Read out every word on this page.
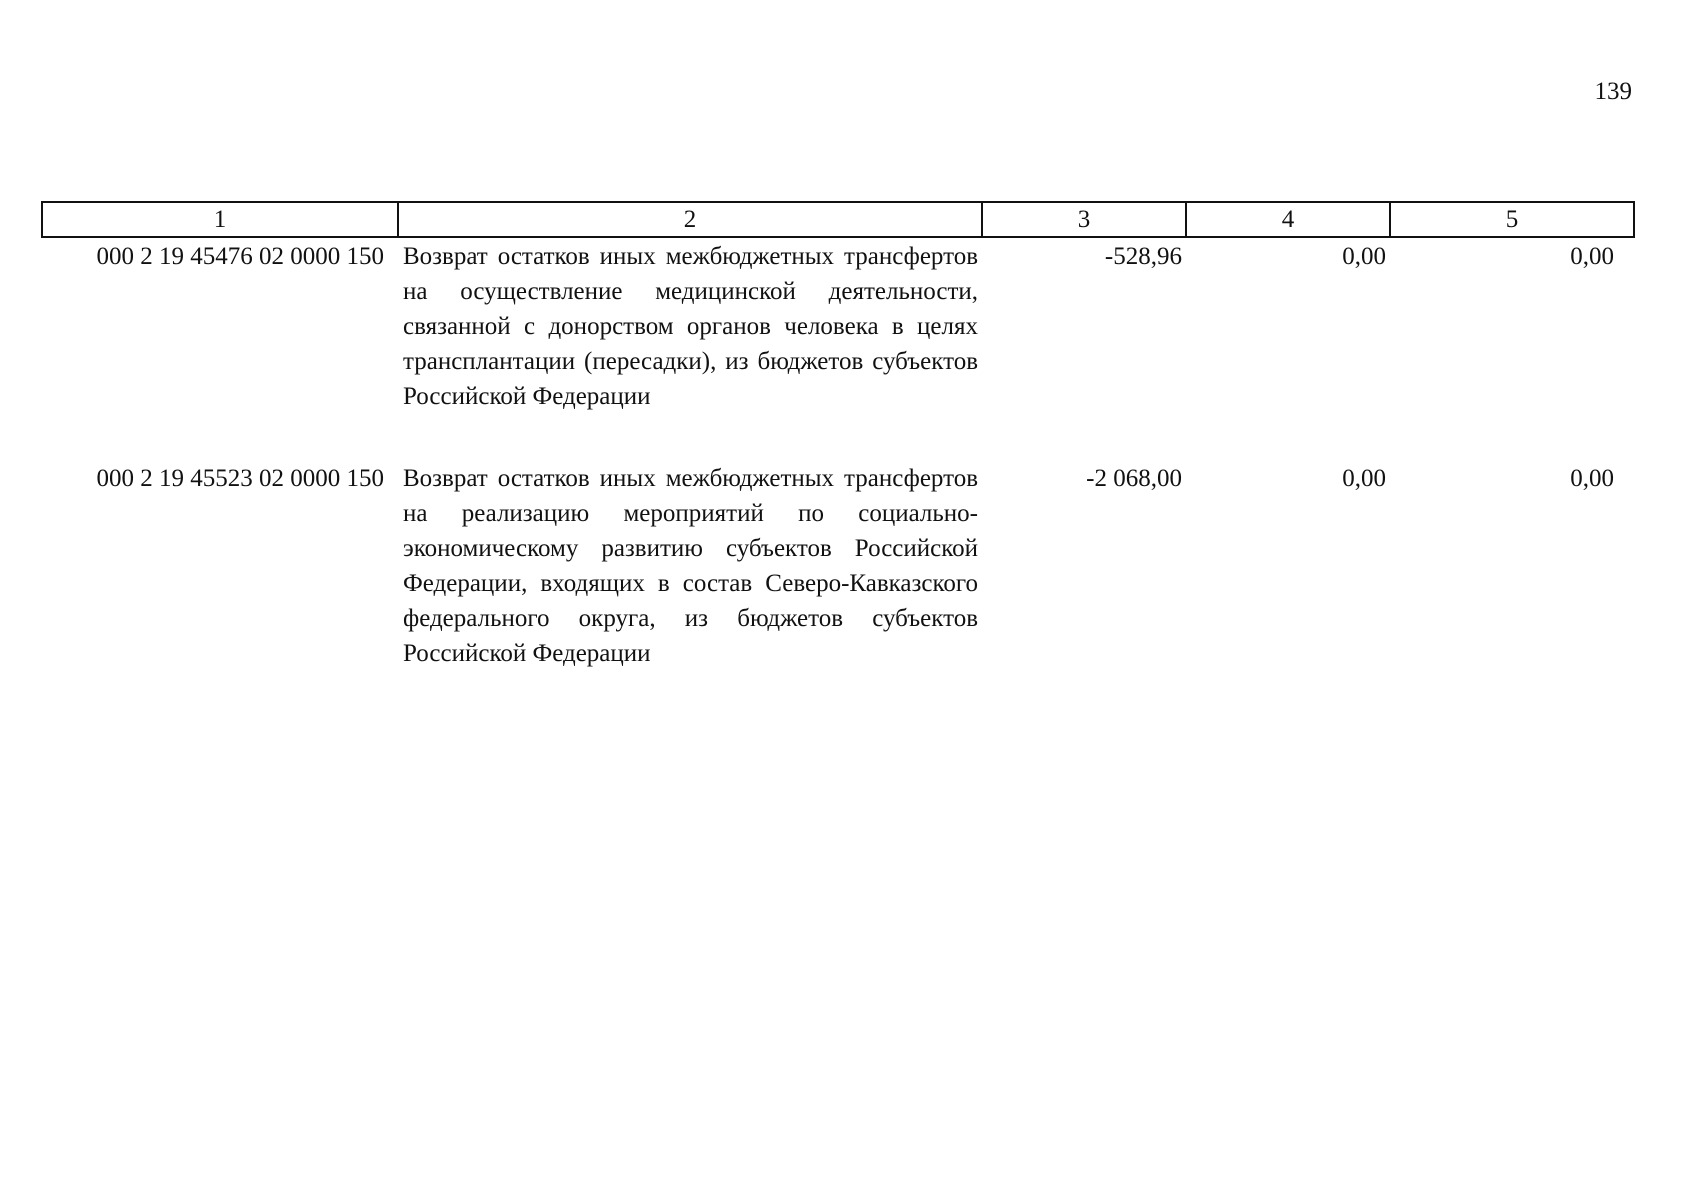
139
1	2	3	4	5
000 2 19 45476 02 0000 150	Возврат остатков иных межбюджетных трансфертов на осуществление медицинской деятельности, связанной с донорством органов человека в целях трансплантации (пересадки), из бюджетов субъектов Российской Федерации	-528,96	0,00	0,00
000 2 19 45523 02 0000 150	Возврат остатков иных межбюджетных трансфертов на реализацию мероприятий по социально-экономическому развитию субъектов Российской Федерации, входящих в состав Северо-Кавказского федерального округа, из бюджетов субъектов Российской Федерации	-2 068,00	0,00	0,00
